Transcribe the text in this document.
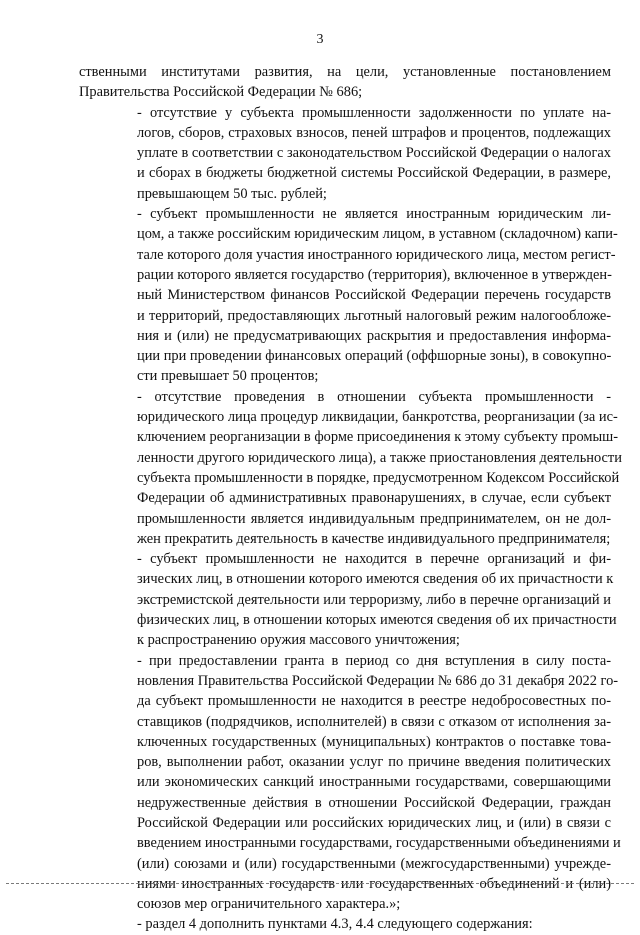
3
ственными институтами развития, на цели, установленные постановлением
Правительства Российской Федерации № 686;
- отсутствие у субъекта промышленности задолженности по уплате на-
логов, сборов, страховых взносов, пеней штрафов и процентов, подлежащих
уплате в соответствии с законодательством Российской Федерации о налогах
и сборах в бюджеты бюджетной системы Российской Федерации, в размере,
превышающем 50 тыс. рублей;
- субъект промышленности не является иностранным юридическим ли-
цом, а также российским юридическим лицом, в уставном (складочном) капи-
тале которого доля участия иностранного юридического лица, местом регист-
рации которого является государство (территория), включенное в утвержден-
ный Министерством финансов Российской Федерации перечень государств
и территорий, предоставляющих льготный налоговый режим налогообложе-
ния и (или) не предусматривающих раскрытия и предоставления информа-
ции при проведении финансовых операций (оффшорные зоны), в совокупно-
сти превышает 50 процентов;
- отсутствие проведения в отношении субъекта промышленности -
юридического лица процедур ликвидации, банкротства, реорганизации (за ис-
ключением реорганизации в форме присоединения к этому субъекту промыш-
ленности другого юридического лица), а также приостановления деятельности
субъекта промышленности в порядке, предусмотренном Кодексом Российской
Федерации об административных правонарушениях, в случае, если субъект
промышленности является индивидуальным предпринимателем, он не дол-
жен прекратить деятельность в качестве индивидуального предпринимателя;
- субъект промышленности не находится в перечне организаций и фи-
зических лиц, в отношении которого имеются сведения об их причастности к
экстремистской деятельности или терроризму, либо в перечне организаций и
физических лиц, в отношении которых имеются сведения об их причастности
к распространению оружия массового уничтожения;
- при предоставлении гранта в период со дня вступления в силу поста-
новления Правительства Российской Федерации № 686 до 31 декабря 2022 го-
да субъект промышленности не находится в реестре недобросовестных по-
ставщиков (подрядчиков, исполнителей) в связи с отказом от исполнения за-
ключенных государственных (муниципальных) контрактов о поставке това-
ров, выполнении работ, оказании услуг по причине введения политических
или экономических санкций иностранными государствами, совершающими
недружественные действия в отношении Российской Федерации, граждан
Российской Федерации или российских юридических лиц, и (или) в связи с
введением иностранными государствами, государственными объединениями и
(или) союзами и (или) государственными (межгосударственными) учрежде-
ниями иностранных государств или государственных объединений и (или)
союзов мер ограничительного характера.»;
- раздел 4 дополнить пунктами 4.3, 4.4 следующего содержания:
